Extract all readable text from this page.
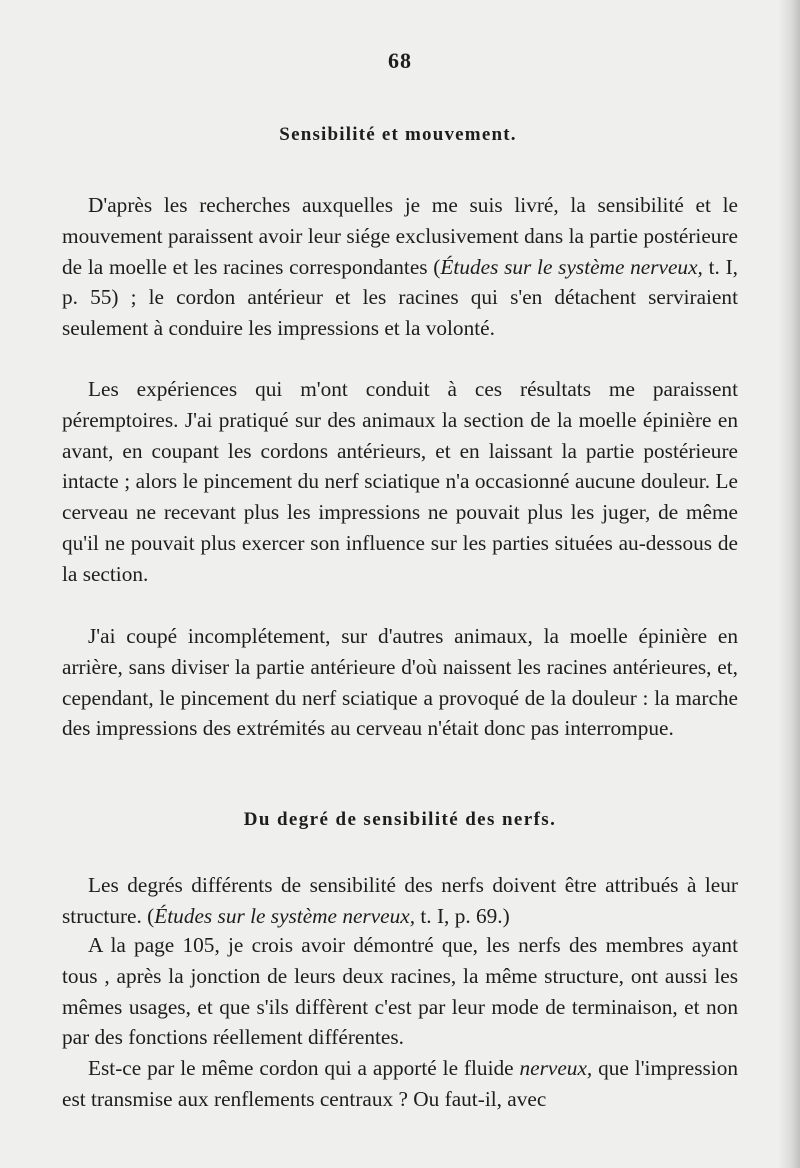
68
Sensibilité et mouvement.
D'après les recherches auxquelles je me suis livré, la sensibilité et le mouvement paraissent avoir leur siége exclusivement dans la partie postérieure de la moelle et les racines correspondantes (Études sur le système nerveux, t. I, p. 55) ; le cordon antérieur et les racines qui s'en détachent serviraient seulement à conduire les impressions et la volonté.
Les expériences qui m'ont conduit à ces résultats me paraissent péremptoires. J'ai pratiqué sur des animaux la section de la moelle épinière en avant, en coupant les cordons antérieurs, et en laissant la partie postérieure intacte ; alors le pincement du nerf sciatique n'a occasionné aucune douleur. Le cerveau ne recevant plus les impressions ne pouvait plus les juger, de même qu'il ne pouvait plus exercer son influence sur les parties situées au-dessous de la section.
J'ai coupé incomplétement, sur d'autres animaux, la moelle épinière en arrière, sans diviser la partie antérieure d'où naissent les racines antérieures, et, cependant, le pincement du nerf sciatique a provoqué de la douleur : la marche des impressions des extrémités au cerveau n'était donc pas interrompue.
Du degré de sensibilité des nerfs.
Les degrés différents de sensibilité des nerfs doivent être attribués à leur structure. (Études sur le système nerveux, t. I, p. 69.)
A la page 105, je crois avoir démontré que, les nerfs des membres ayant tous , après la jonction de leurs deux racines, la même structure, ont aussi les mêmes usages, et que s'ils diffèrent c'est par leur mode de terminaison, et non par des fonctions réellement différentes.
Est-ce par le même cordon qui a apporté le fluide nerveux, que l'impression est transmise aux renflements centraux ? Ou faut-il, avec
